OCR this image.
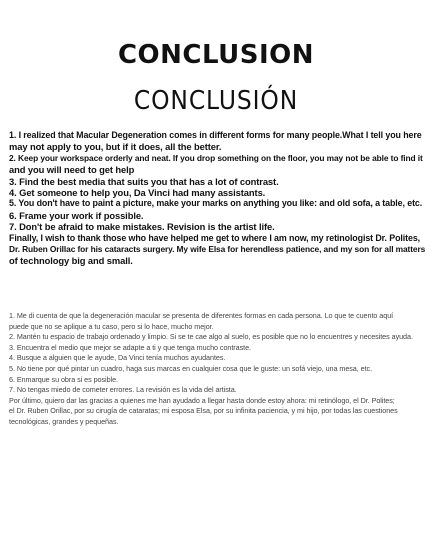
CONCLUSION
CONCLUSIÓN
1. I realized that Macular Degeneration comes in different forms for many people.What I tell you here
may not apply to you, but if it does, all the better.
2. Keep your workspace orderly and neat. If you drop something on the floor, you may not be able to find it
and you will need to get help
3. Find the best media that suits you that has a lot of contrast.
4. Get someone to help you, Da Vinci had many assistants.
5. You don't have to paint a picture, make your marks on anything you like: and old sofa, a table, etc.
6. Frame your work if possible.
7. Don't be afraid to make mistakes. Revision is the artist life.
Finally, I wish to thank those who have helped me get to where I am now, my retinologist Dr. Polites,
Dr. Ruben Orillac for his cataracts surgery. My wife Elsa for herendless patience, and my son for all matters
of technology big and small.
1. Me di cuenta de que la degeneración macular se presenta de diferentes formas en cada persona. Lo que te cuento aquí
puede que no se aplique a tu caso, pero si lo hace, mucho mejor.
2. Mantén tu espacio de trabajo ordenado y limpio. Si se te cae algo al suelo, es posible que no lo encuentres y necesites ayuda.
3. Encuentra el medio que mejor se adapte a ti y que tenga mucho contraste.
4. Busque a alguien que le ayude, Da Vinci tenía muchos ayudantes.
5. No tiene por qué pintar un cuadro, haga sus marcas en cualquier cosa que le guste: un sofá viejo, una mesa, etc.
6. Enmarque su obra si es posible.
7. No tengas miedo de cometer errores. La revisión es la vida del artista.
Por último, quiero dar las gracias a quienes me han ayudado a llegar hasta donde estoy ahora: mi retinólogo, el Dr. Polites;
el Dr. Ruben Orillac, por su cirugía de cataratas; mi esposa Elsa, por su infinita paciencia, y mi hijo, por todas las cuestiones
tecnológicas, grandes y pequeñas.
